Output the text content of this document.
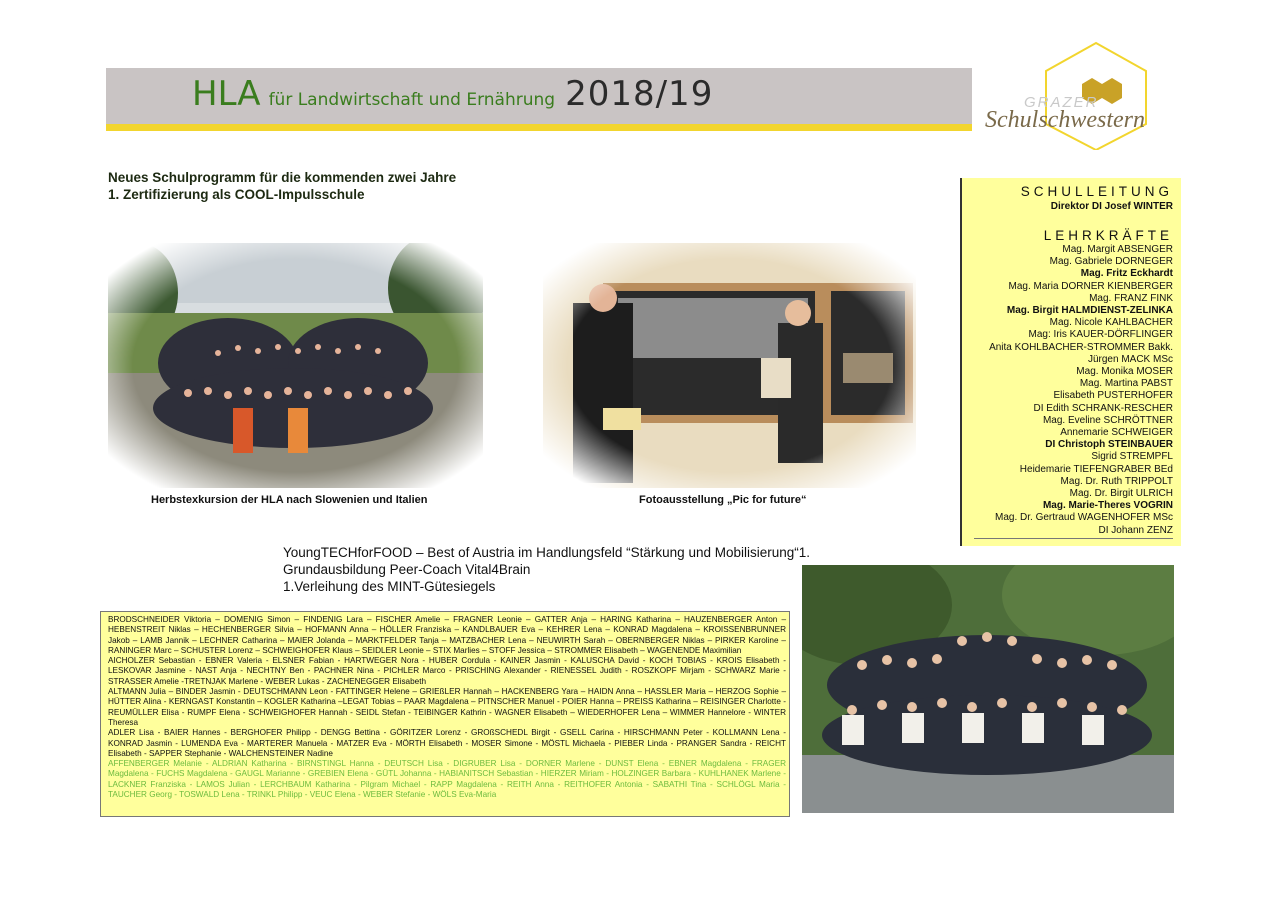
HLA für Landwirtschaft und Ernährung 2018/19	GRAZER
Schulschwestern
Neues Schulprogramm für die kommenden zwei Jahre
1. Zertifizierung als COOL-Impulsschule
Herbstexkursion der HLA nach Slowenien und Italien	Fotoausstellung „Pic for future“
SCHULLEITUNG
Direktor DI Josef WINTER
LEHRKRÄFTE
Mag. Margit ABSENGER
Mag. Gabriele DORNEGER
Mag. Fritz Eckhardt
Mag. Maria DORNER KIENBERGER
Mag. FRANZ FINK
Mag. Birgit HALMDIENST-ZELINKA
Mag. Nicole KAHLBACHER
Mag: Iris KAUER-DÖRFLINGER
Anita KOHLBACHER-STROMMER Bakk.
Jürgen MACK MSc
Mag. Monika MOSER
Mag. Martina PABST
Elisabeth PUSTERHOFER
DI Edith SCHRANK-RESCHER
Mag. Eveline SCHRÖTTNER
Annemarie SCHWEIGER
DI Christoph STEINBAUER
Sigrid STREMPFL
Heidemarie TIEFENGRABER BEd
Mag. Dr. Ruth TRIPPOLT
Mag. Dr. Birgit ULRICH
Mag. Marie-Theres VOGRIN
Mag. Dr. Gertraud WAGENHOFER MSc
DI Johann ZENZ
YoungTECHforFOOD – Best of Austria im Handlungsfeld “Stärkung und Mobilisierung“1.
Grundausbildung Peer-Coach Vital4Brain
1.Verleihung des MINT-Gütesiegels

BRODSCHNEIDER Viktoria – DOMENIG Simon – FINDENIG Lara – FISCHER Amelie – FRAGNER Leonie – GATTER Anja – HARING Katharina – HAUZENBERGER Anton – HEBENSTREIT Niklas – HECHENBERGER Silvia – HOFMANN Anna – HÖLLER Franziska – KANDLBAUER Eva – KEHRER Lena – KONRAD Magdalena – KROISSENBRUNNER Jakob – LAMB Jannik – LECHNER Catharina – MAIER Jolanda – MARKTFELDER Tanja – MATZBACHER Lena – NEUWIRTH Sarah – OBERNBERGER Niklas – PIRKER Karoline – RANINGER Marc – SCHUSTER Lorenz – SCHWEIGHOFER Klaus – SEIDLER Leonie – STIX Marlies – STOFF Jessica – STROMMER Elisabeth – WAGENENDE Maximilian

AICHOLZER Sebastian - EBNER Valeria - ELSNER Fabian - HARTWEGER Nora - HUBER Cordula - KAINER Jasmin - KALUSCHA David - KOCH TOBIAS - KROIS Elisabeth - LESKOVAR Jasmine - NAST Anja - NECHTNY Ben - PACHNER Nina - PICHLER Marco - PRISCHING Alexander - RIENESSEL Judith - ROSZKOPF Mirjam - SCHWARZ Marie - STRASSER Amelie -TRETNJAK Marlene - WEBER Lukas - ZACHENEGGER Elisabeth

ALTMANN Julia – BINDER Jasmin - DEUTSCHMANN Leon - FATTINGER Helene – GRIEßLER Hannah – HACKENBERG Yara – HAIDN Anna – HASSLER Maria – HERZOG Sophie – HÜTTER Alina - KERNGAST Konstantin – KOGLER Katharina –LEGAT Tobias – PAAR Magdalena – PITNSCHER Manuel - POIER Hanna – PREISS Katharina – REISINGER Charlotte - REUMÜLLER Elisa - RUMPF Elena - SCHWEIGHOFER Hannah - SEIDL Stefan - TEIBINGER Kathrin - WAGNER Elisabeth – WIEDERHOFER Lena – WIMMER Hannelore - WINTER Theresa

ADLER Lisa - BAIER Hannes - BERGHOFER Philipp - DENGG Bettina - GÖRITZER Lorenz - GROßSCHEDL Birgit - GSELL Carina - HIRSCHMANN Peter - KOLLMANN Lena - KONRAD Jasmin - LUMENDA Eva - MARTERER Manuela - MATZER Eva - MÖRTH Elisabeth - MOSER Simone - MÖSTL Michaela - PIEBER Linda - PRANGER Sandra - REICHT Elisabeth - SAPPER Stephanie - WALCHENSTEINER Nadine

AFFENBERGER Melanie - ALDRIAN Katharina - BIRNSTINGL Hanna - DEUTSCH Lisa - DIGRUBER Lisa - DORNER Marlene - DUNST Elena - EBNER Magdalena - FRAGER Magdalena - FUCHS Magdalena - GAUGL Marianne - GREBIEN Elena - GÜTL Johanna - HABIANITSCH Sebastian - HIERZER Miriam - HOLZINGER Barbara - KUHLHANEK Marlene - LACKNER Franziska - LAMOS Julian - LERCHBAUM Katharina - Pilgram Michael - RAPP Magdalena - REITH Anna - REITHOFER Antonia - SABATHI Tina - SCHLÖGL Maria - TAUCHER Georg - TOSWALD Lena - TRINKL Philipp - VEUC Elena - WEBER Stefanie - WÖLS Eva-Maria
